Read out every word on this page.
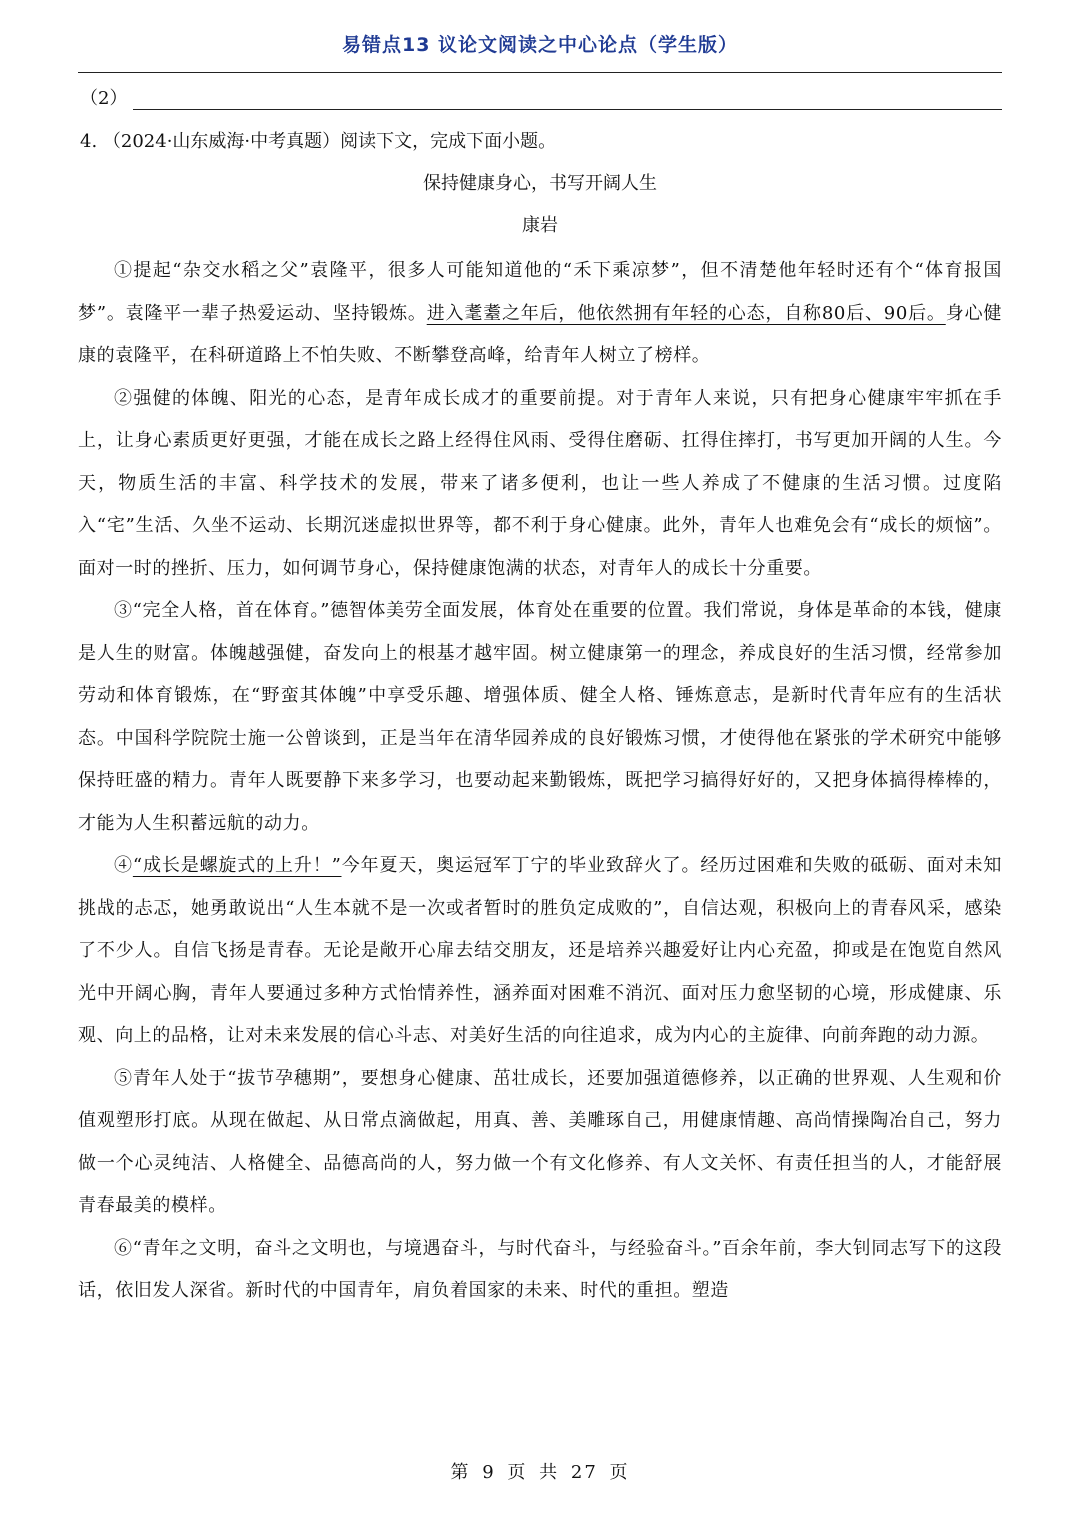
易错点13 议论文阅读之中心论点（学生版）
（2）
4. （2024·山东威海·中考真题）阅读下文，完成下面小题。
保持健康身心，书写开阔人生
康岩

①提起“杂交水稻之父”袁隆平，很多人可能知道他的“禾下乘凉梦”，但不清楚他年轻时还有个“体育报国梦”。袁隆平一辈子热爱运动、坚持锻炼。进入耄耋之年后，他依然拥有年轻的心态，自称80后、90后。身心健康的袁隆平，在科研道路上不怕失败、不断攀登高峰，给青年人树立了榜样。

②强健的体魄、阳光的心态，是青年成长成才的重要前提。对于青年人来说，只有把身心健康牢牢抓在手上，让身心素质更好更强，才能在成长之路上经得住风雨、受得住磨砺、扛得住摔打，书写更加开阔的人生。今天，物质生活的丰富、科学技术的发展，带来了诸多便利，也让一些人养成了不健康的生活习惯。过度陷入“宅”生活、久坐不运动、长期沉迷虚拟世界等，都不利于身心健康。此外，青年人也难免会有“成长的烦恼”。面对一时的挫折、压力，如何调节身心，保持健康饱满的状态，对青年人的成长十分重要。

③“完全人格，首在体育。”德智体美劳全面发展，体育处在重要的位置。我们常说，身体是革命的本钱，健康是人生的财富。体魄越强健，奋发向上的根基才越牢固。树立健康第一的理念，养成良好的生活习惯，经常参加劳动和体育锻炼，在“野蛮其体魄”中享受乐趣、增强体质、健全人格、锤炼意志，是新时代青年应有的生活状态。中国科学院院士施一公曾谈到，正是当年在清华园养成的良好锻炼习惯，才使得他在紧张的学术研究中能够保持旺盛的精力。青年人既要静下来多学习，也要动起来勤锻炼，既把学习搞得好好的，又把身体搞得棒棒的，才能为人生积蓄远航的动力。

④“成长是螺旋式的上升！”今年夏天，奥运冠军丁宁的毕业致辞火了。经历过困难和失败的砥砺、面对未知挑战的忐忑，她勇敢说出“人生本就不是一次或者暂时的胜负定成败的”，自信达观，积极向上的青春风采，感染了不少人。自信飞扬是青春。无论是敞开心扉去结交朋友，还是培养兴趣爱好让内心充盈，抑或是在饱览自然风光中开阔心胸，青年人要通过多种方式怡情养性，涵养面对困难不消沉、面对压力愈坚韧的心境，形成健康、乐观、向上的品格，让对未来发展的信心斗志、对美好生活的向往追求，成为内心的主旋律、向前奔跑的动力源。

⑤青年人处于“拔节孕穗期”，要想身心健康、茁壮成长，还要加强道德修养，以正确的世界观、人生观和价值观塑形打底。从现在做起、从日常点滴做起，用真、善、美雕琢自己，用健康情趣、高尚情操陶冶自己，努力做一个心灵纯洁、人格健全、品德高尚的人，努力做一个有文化修养、有人文关怀、有责任担当的人，才能舒展青春最美的模样。

⑥“青年之文明，奋斗之文明也，与境遇奋斗，与时代奋斗，与经验奋斗。”百余年前，李大钊同志写下的这段话，依旧发人深省。新时代的中国青年，肩负着国家的未来、时代的重担。塑造

第 9 页 共 27 页
